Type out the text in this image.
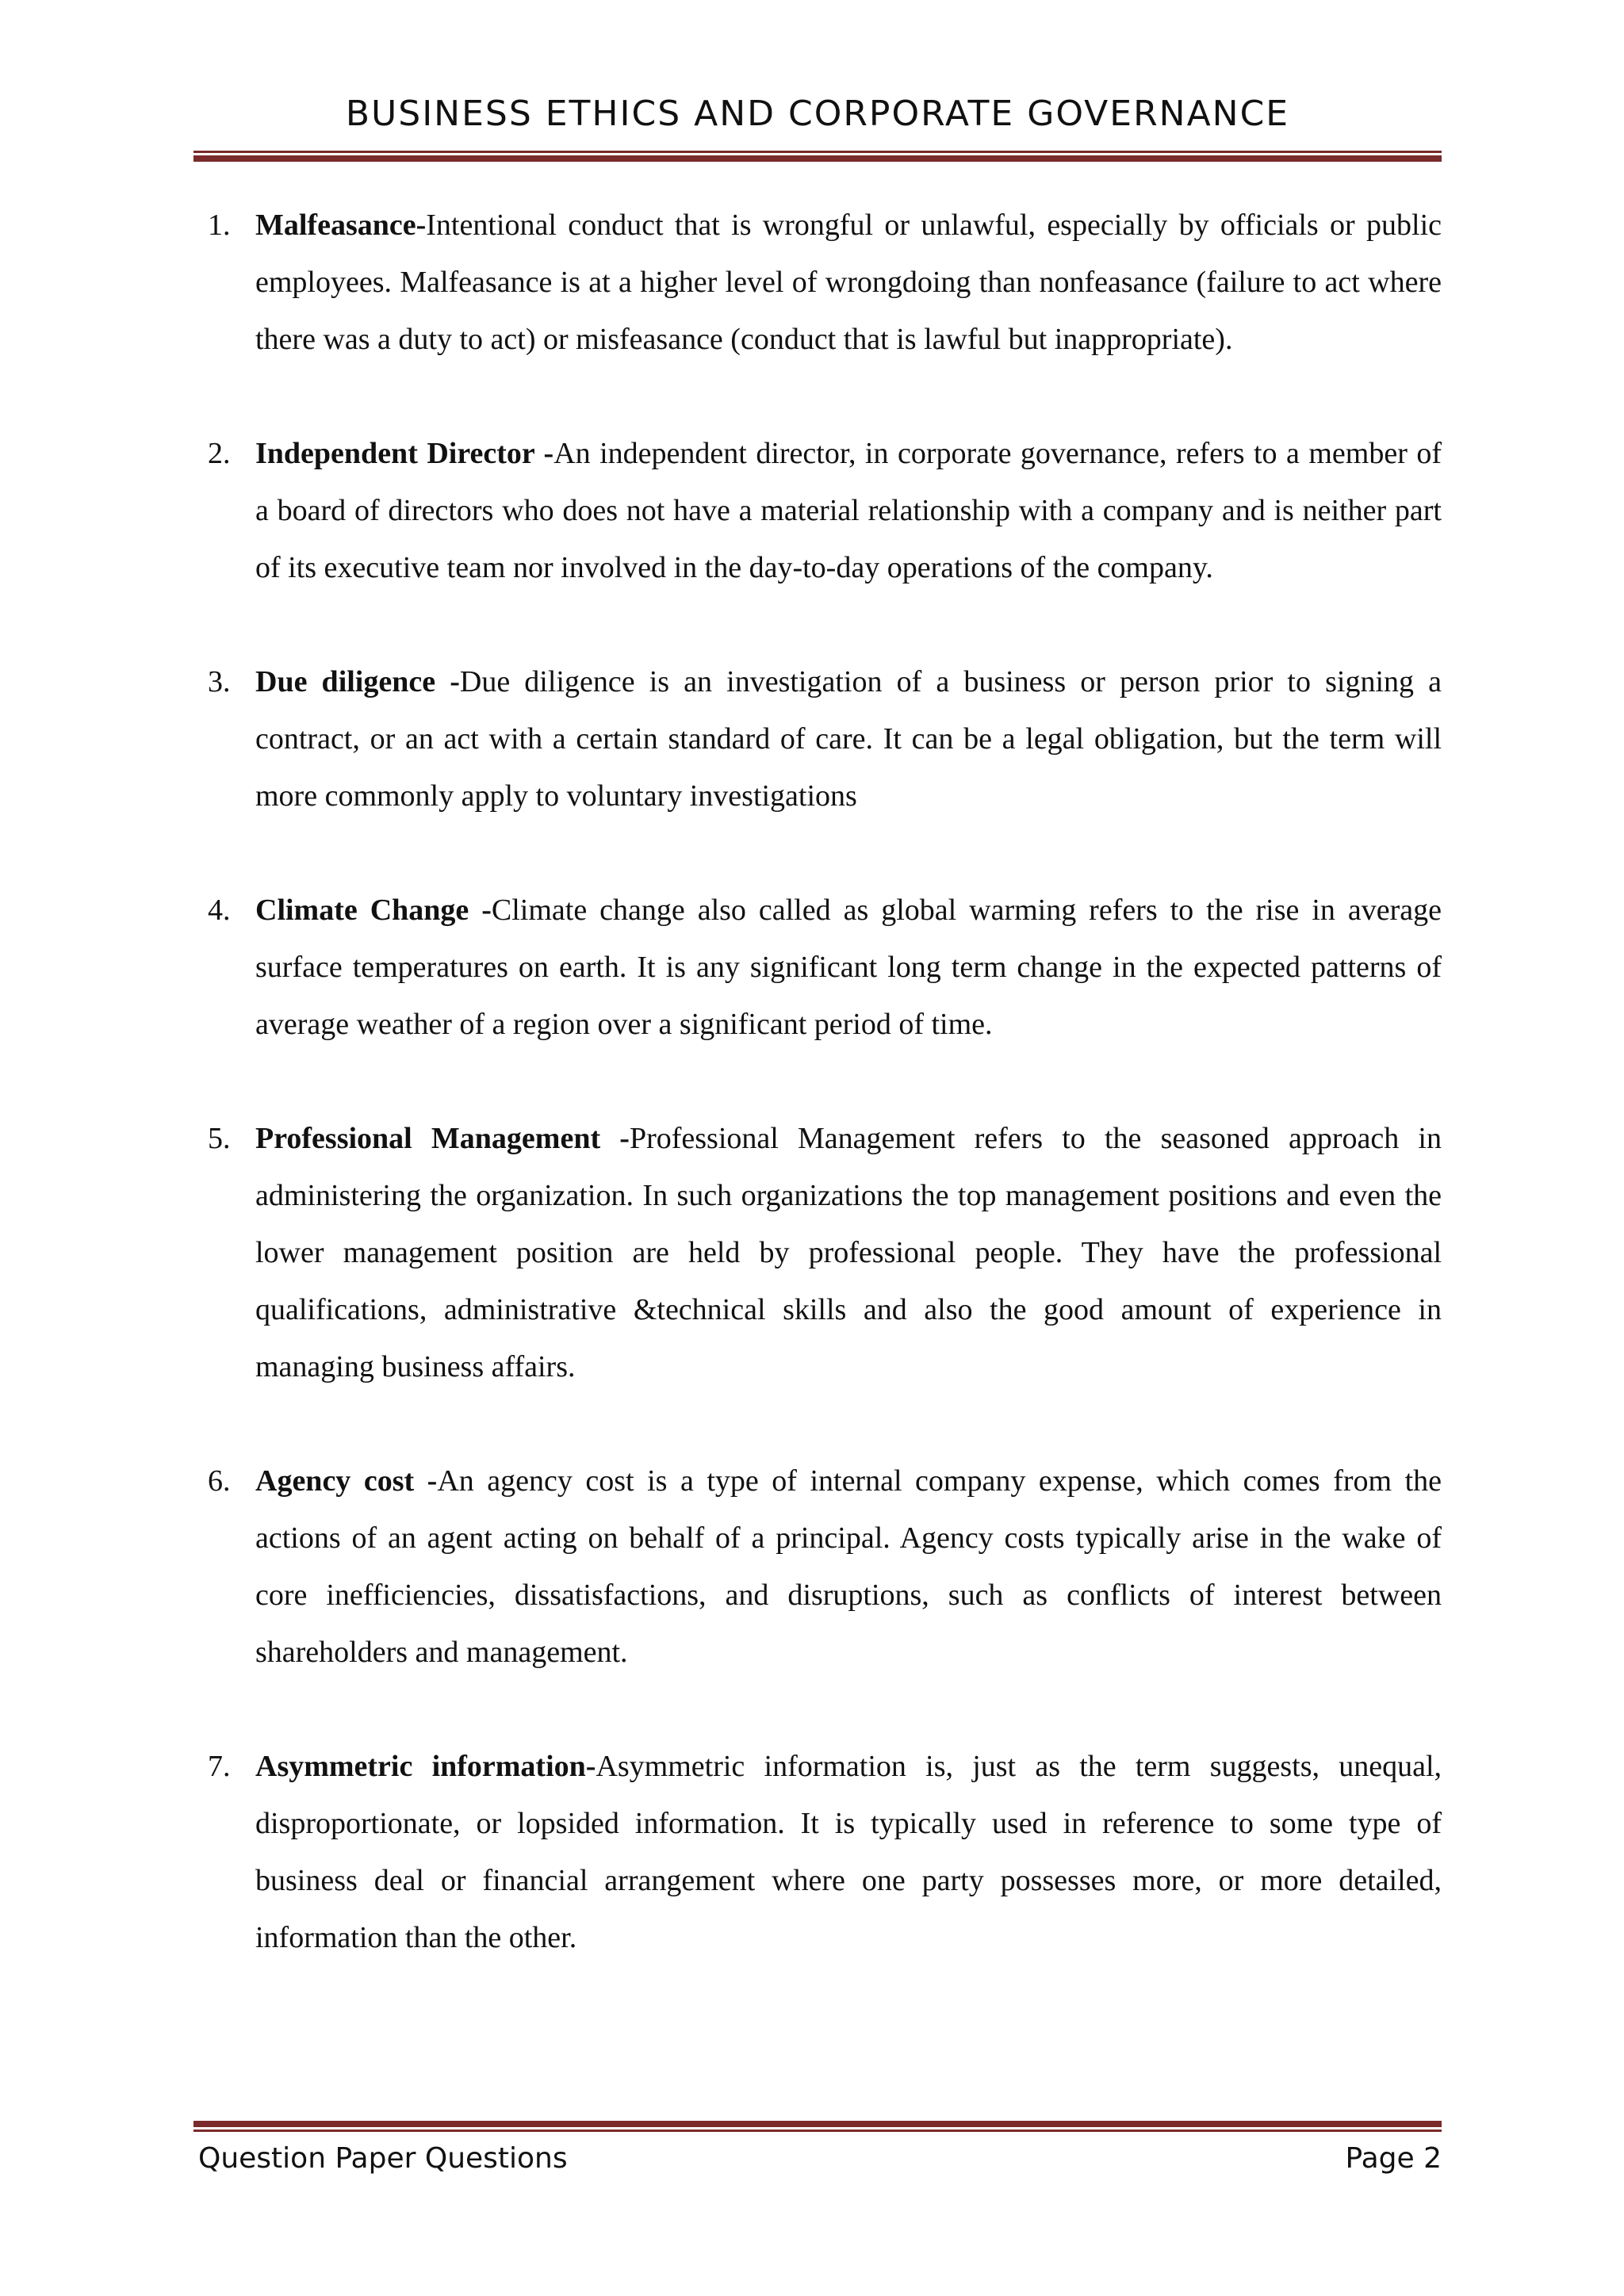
BUSINESS ETHICS AND CORPORATE GOVERNANCE
1. Malfeasance-Intentional conduct that is wrongful or unlawful, especially by officials or public employees. Malfeasance is at a higher level of wrongdoing than nonfeasance (failure to act where there was a duty to act) or misfeasance (conduct that is lawful but inappropriate).
2. Independent Director -An independent director, in corporate governance, refers to a member of a board of directors who does not have a material relationship with a company and is neither part of its executive team nor involved in the day-to-day operations of the company.
3. Due diligence -Due diligence is an investigation of a business or person prior to signing a contract, or an act with a certain standard of care. It can be a legal obligation, but the term will more commonly apply to voluntary investigations
4. Climate Change -Climate change also called as global warming refers to the rise in average surface temperatures on earth. It is any significant long term change in the expected patterns of average weather of a region over a significant period of time.
5. Professional Management -Professional Management refers to the seasoned approach in administering the organization. In such organizations the top management positions and even the lower management position are held by professional people. They have the professional qualifications, administrative &technical skills and also the good amount of experience in managing business affairs.
6. Agency cost -An agency cost is a type of internal company expense, which comes from the actions of an agent acting on behalf of a principal. Agency costs typically arise in the wake of core inefficiencies, dissatisfactions, and disruptions, such as conflicts of interest between shareholders and management.
7. Asymmetric information-Asymmetric information is, just as the term suggests, unequal, disproportionate, or lopsided information. It is typically used in reference to some type of business deal or financial arrangement where one party possesses more, or more detailed, information than the other.
Question Paper Questions	Page 2
